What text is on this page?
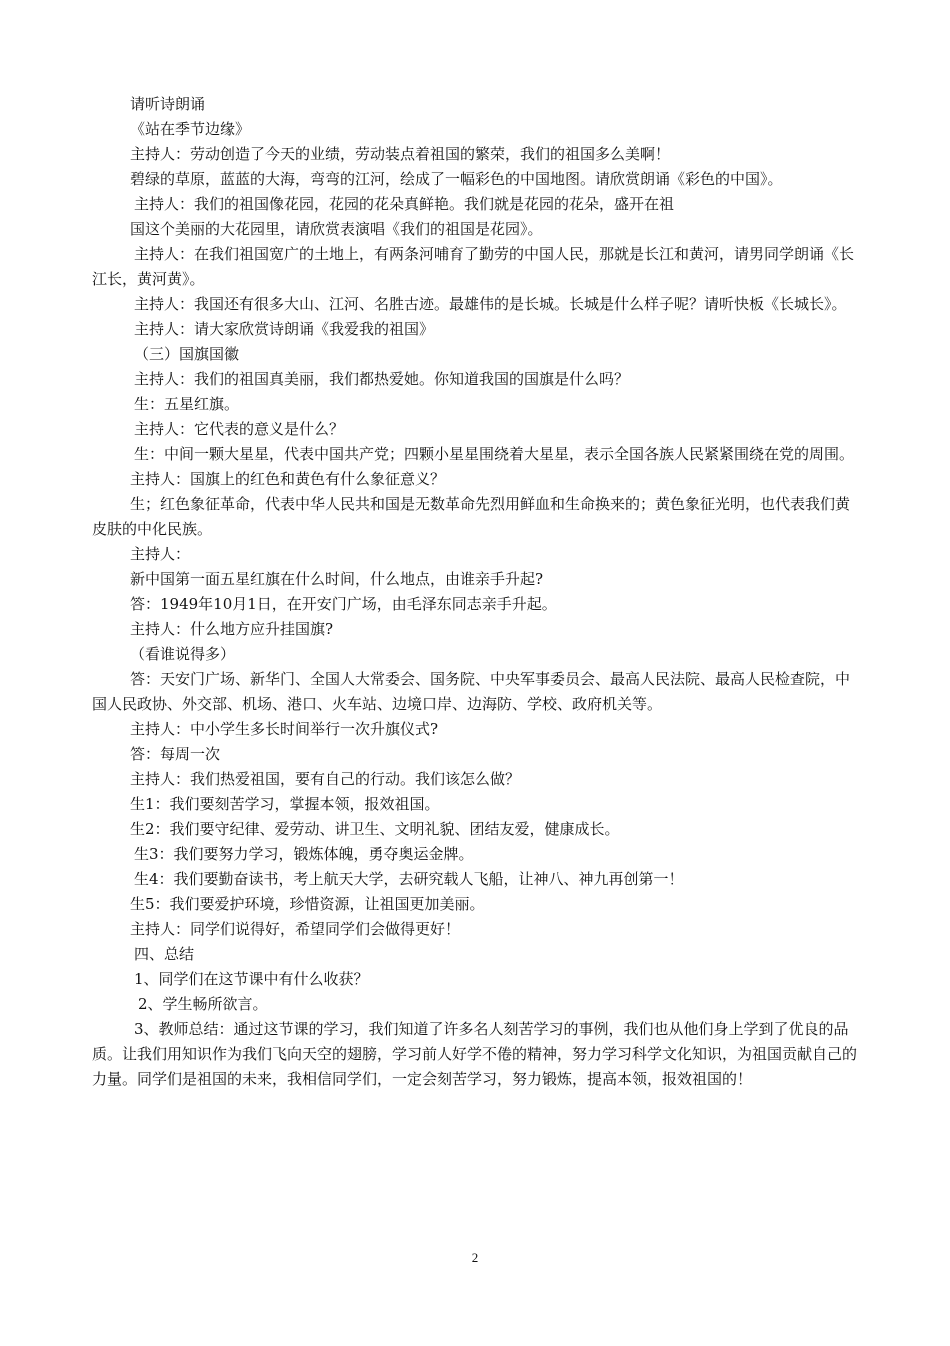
请听诗朗诵

《站在季节边缘》

主持人：劳动创造了今天的业绩，劳动装点着祖国的繁荣，我们的祖国多么美啊！

碧绿的草原，蓝蓝的大海，弯弯的江河，绘成了一幅彩色的中国地图。请欣赏朗诵《彩色的中国》。

主持人：我们的祖国像花园，花园的花朵真鲜艳。我们就是花园的花朵，盛开在祖

国这个美丽的大花园里，请欣赏表演唱《我们的祖国是花园》。

主持人：在我们祖国宽广的土地上，有两条河哺育了勤劳的中国人民，那就是长江和黄河，请男同学朗诵《长江长，黄河黄》。

主持人：我国还有很多大山、江河、名胜古迹。最雄伟的是长城。长城是什么样子呢？请听快板《长城长》。

主持人：请大家欣赏诗朗诵《我爱我的祖国》

（三）国旗国徽

主持人：我们的祖国真美丽，我们都热爱她。你知道我国的国旗是什么吗？

生：五星红旗。

主持人：它代表的意义是什么？

生：中间一颗大星星，代表中国共产党；四颗小星星围绕着大星星，表示全国各族人民紧紧围绕在党的周围。

主持人：国旗上的红色和黄色有什么象征意义？

生；红色象征革命，代表中华人民共和国是无数革命先烈用鲜血和生命换来的；黄色象征光明，也代表我们黄皮肤的中化民族。

主持人：

新中国第一面五星红旗在什么时间，什么地点，由谁亲手升起?

答：1949年10月1日，在开安门广场，由毛泽东同志亲手升起。

主持人：什么地方应升挂国旗?

（看谁说得多）

答：天安门广场、新华门、全国人大常委会、国务院、中央军事委员会、最高人民法院、最高人民检查院，中国人民政协、外交部、机场、港口、火车站、边境口岸、边海防、学校、政府机关等。

主持人：中小学生多长时间举行一次升旗仪式?

答：每周一次

主持人：我们热爱祖国，要有自己的行动。我们该怎么做？

生1：我们要刻苦学习，掌握本领，报效祖国。

生2：我们要守纪律、爱劳动、讲卫生、文明礼貌、团结友爱，健康成长。

生3：我们要努力学习，锻炼体魄，勇夺奥运金牌。

生4：我们要勤奋读书，考上航天大学，去研究载人飞船，让神八、神九再创第一！

生5：我们要爱护环境，珍惜资源，让祖国更加美丽。

主持人：同学们说得好，希望同学们会做得更好！

四、总结

1、同学们在这节课中有什么收获？

2、学生畅所欲言。

3、教师总结：通过这节课的学习，我们知道了许多名人刻苦学习的事例，我们也从他们身上学到了优良的品质。让我们用知识作为我们飞向天空的翅膀，学习前人好学不倦的精神，努力学习科学文化知识，为祖国贡献自己的力量。同学们是祖国的未来，我相信同学们，一定会刻苦学习，努力锻炼，提高本领，报效祖国的！

2
